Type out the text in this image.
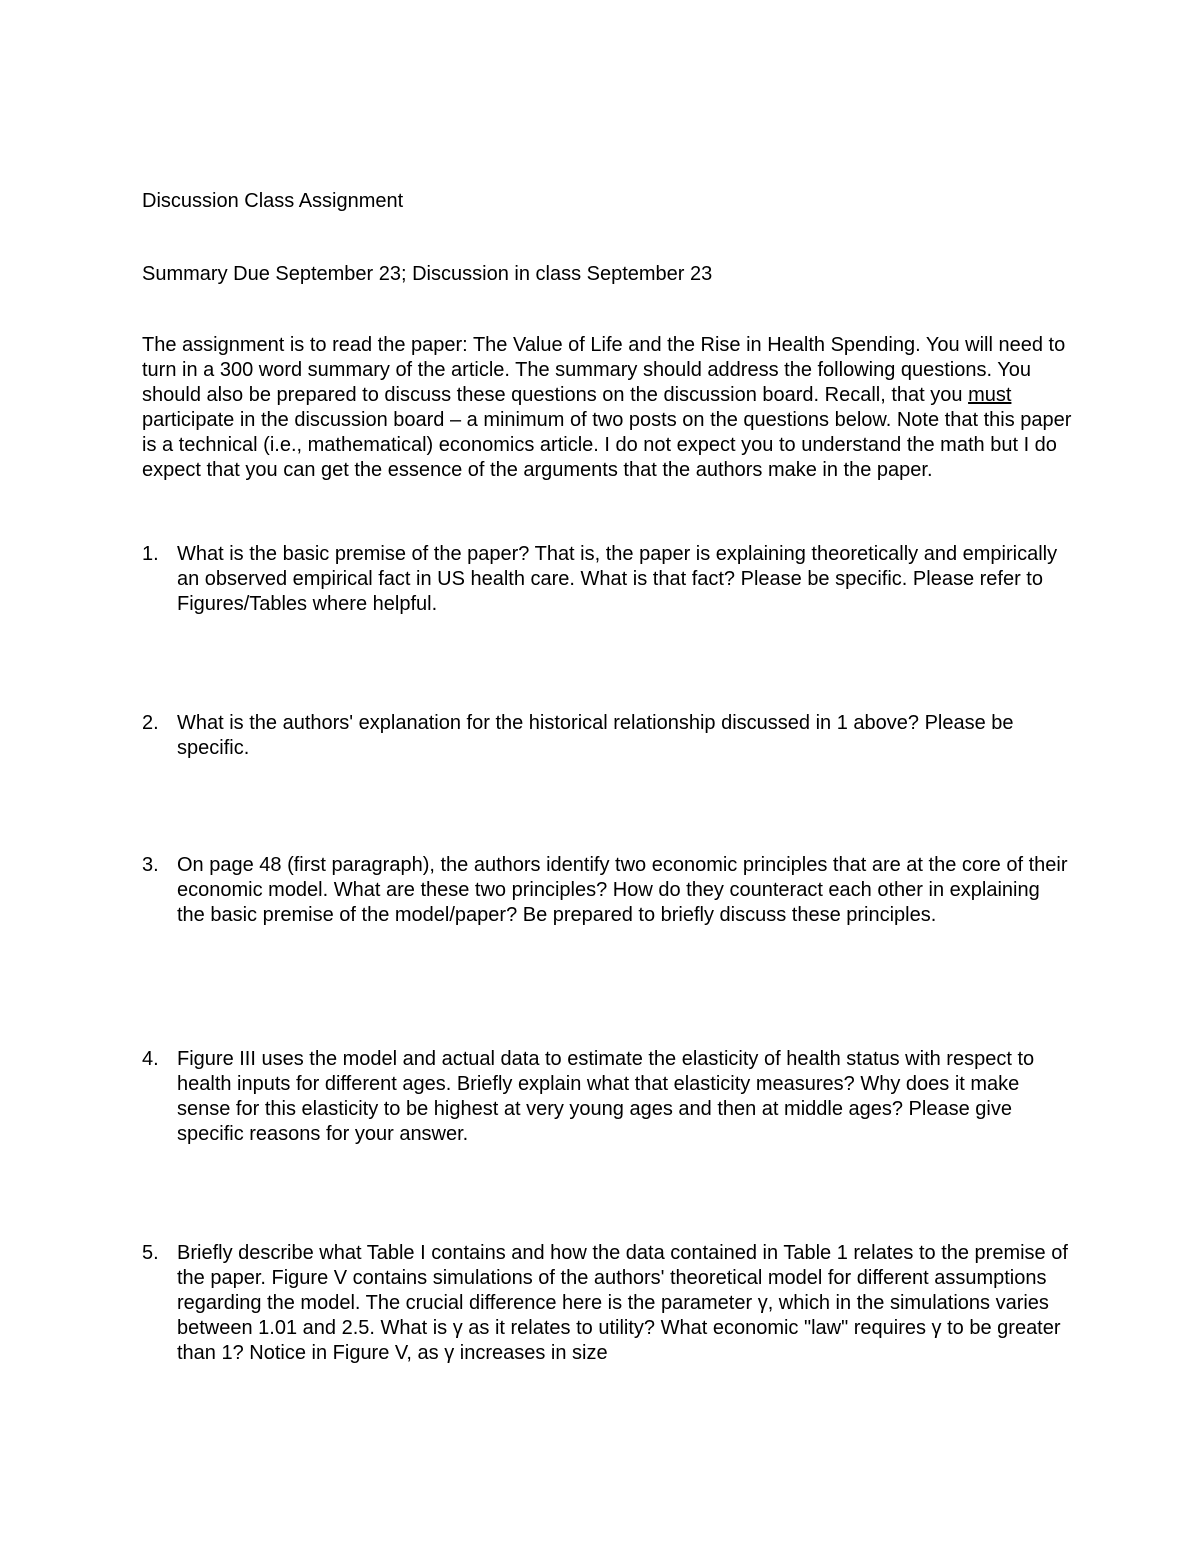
Discussion Class Assignment

Summary Due September 23; Discussion in class September 23

The assignment is to read the paper: The Value of Life and the Rise in Health Spending. You will need to turn in a 300 word summary of the article. The summary should address the following questions. You should also be prepared to discuss these questions on the discussion board. Recall, that you must participate in the discussion board – a minimum of two posts on the questions below. Note that this paper is a technical (i.e., mathematical) economics article. I do not expect you to understand the math but I do expect that you can get the essence of the arguments that the authors make in the paper.

1. What is the basic premise of the paper? That is, the paper is explaining theoretically and empirically an observed empirical fact in US health care. What is that fact? Please be specific. Please refer to Figures/Tables where helpful.

2. What is the authors' explanation for the historical relationship discussed in 1 above? Please be specific.

3. On page 48 (first paragraph), the authors identify two economic principles that are at the core of their economic model. What are these two principles? How do they counteract each other in explaining the basic premise of the model/paper? Be prepared to briefly discuss these principles.

4. Figure III uses the model and actual data to estimate the elasticity of health status with respect to health inputs for different ages. Briefly explain what that elasticity measures? Why does it make sense for this elasticity to be highest at very young ages and then at middle ages? Please give specific reasons for your answer.

5. Briefly describe what Table I contains and how the data contained in Table 1 relates to the premise of the paper. Figure V contains simulations of the authors' theoretical model for different assumptions regarding the model. The crucial difference here is the parameter γ, which in the simulations varies between 1.01 and 2.5. What is γ as it relates to utility? What economic "law" requires γ to be greater than 1? Notice in Figure V, as γ increases in size
